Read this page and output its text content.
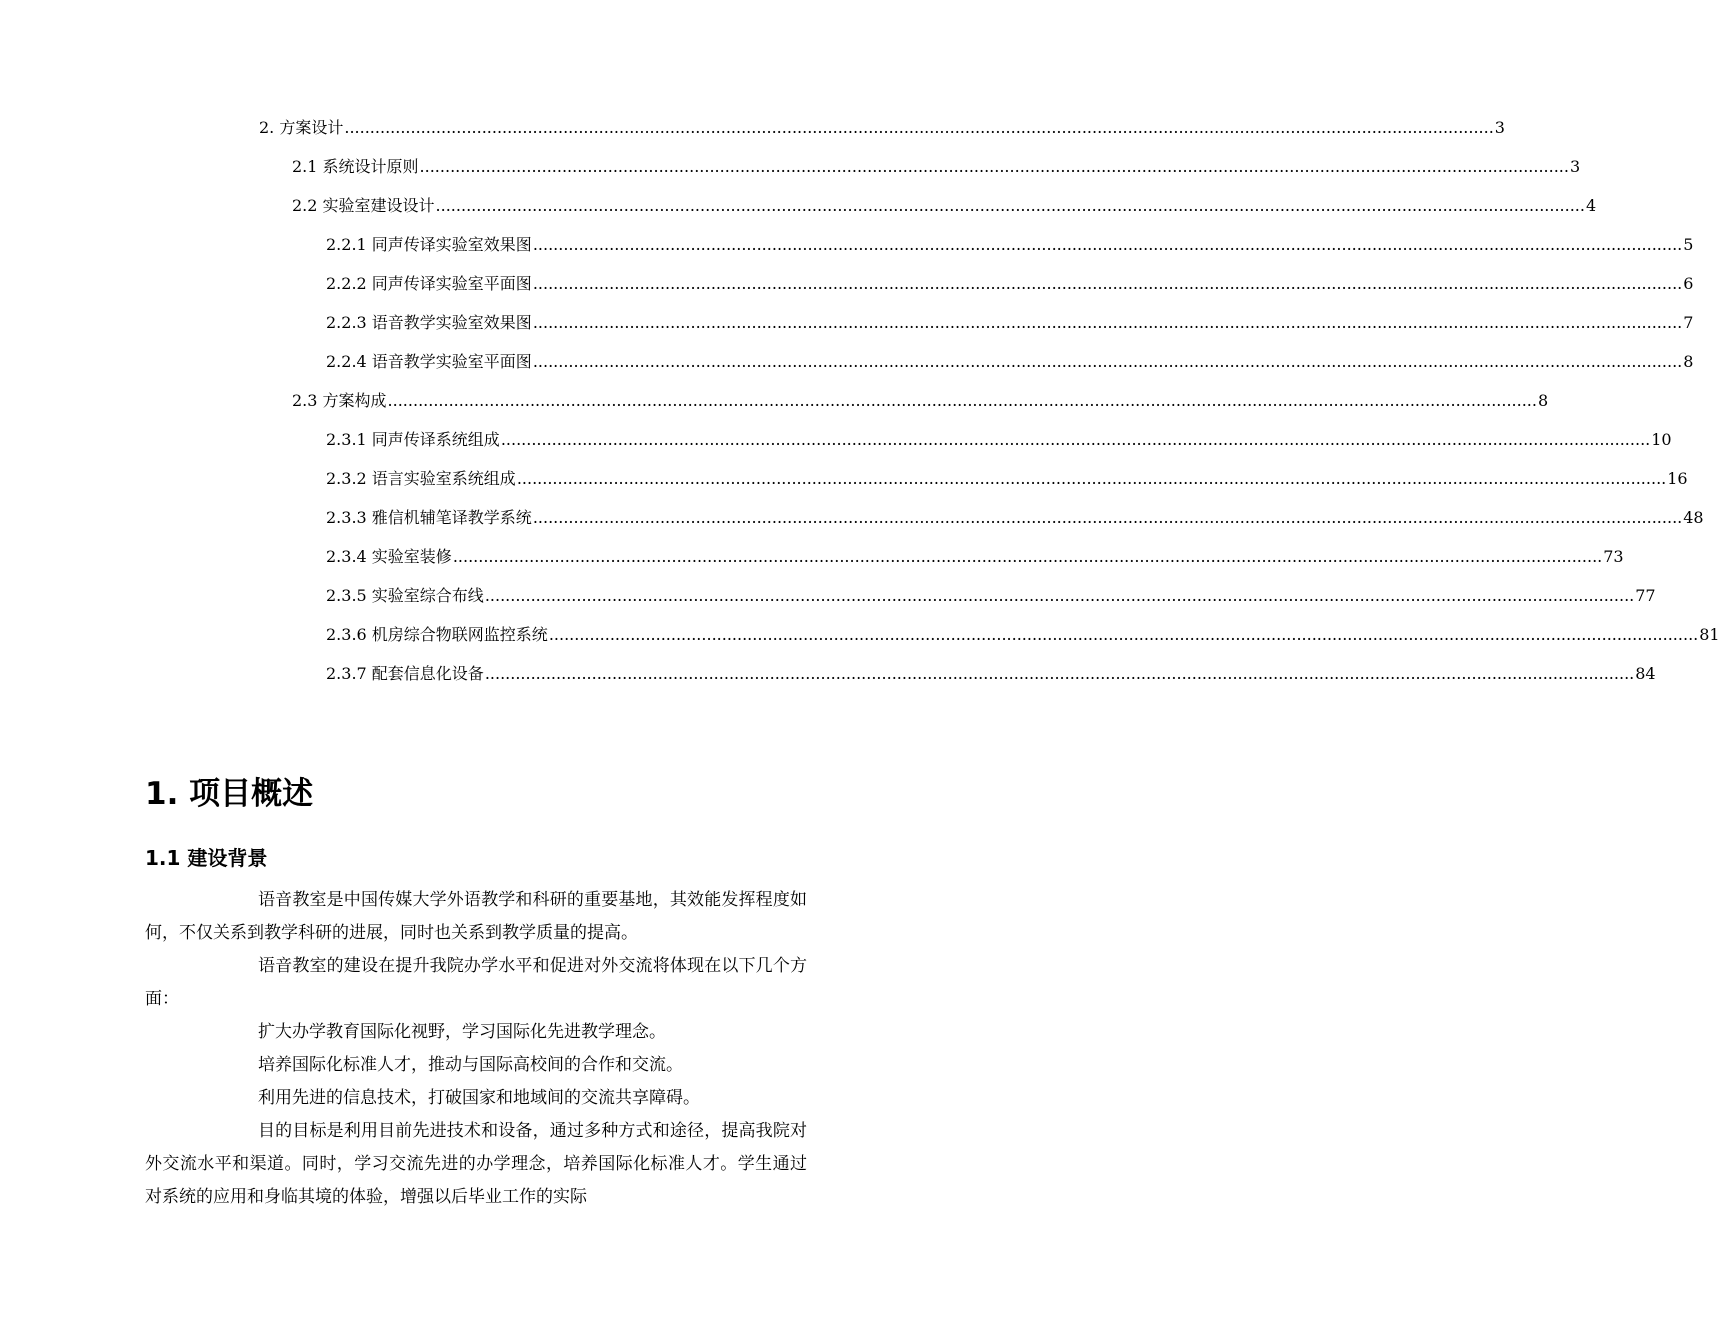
2. 方案设计 .................................................................................................................................................................................................................................. 3
2.1 系统设计原则 .................................................................................................................................................................................................................................. 3
2.2 实验室建设设计 .................................................................................................................................................................................................................................. 4
2.2.1 同声传译实验室效果图 .................................................................................................................................................................................................................................. 5
2.2.2 同声传译实验室平面图 .................................................................................................................................................................................................................................. 6
2.2.3 语音教学实验室效果图 .................................................................................................................................................................................................................................. 7
2.2.4 语音教学实验室平面图 .................................................................................................................................................................................................................................. 8
2.3 方案构成 .................................................................................................................................................................................................................................. 8
2.3.1 同声传译系统组成 .................................................................................................................................................................................................................................. 10
2.3.2 语言实验室系统组成 .................................................................................................................................................................................................................................. 16
2.3.3 雅信机辅笔译教学系统 .................................................................................................................................................................................................................................. 48
2.3.4 实验室装修 .................................................................................................................................................................................................................................. 73
2.3.5 实验室综合布线 .................................................................................................................................................................................................................................. 77
2.3.6 机房综合物联网监控系统 .................................................................................................................................................................................................................................. 81
2.3.7 配套信息化设备 .................................................................................................................................................................................................................................. 84
1. 项目概述
1.1 建设背景

语音教室是中国传媒大学外语教学和科研的重要基地，其效能发挥程度如何，不仅关系到教学科研的进展，同时也关系到教学质量的提高。

语音教室的建设在提升我院办学水平和促进对外交流将体现在以下几个方面：

扩大办学教育国际化视野，学习国际化先进教学理念。

培养国际化标准人才，推动与国际高校间的合作和交流。

利用先进的信息技术，打破国家和地域间的交流共享障碍。

目的目标是利用目前先进技术和设备，通过多种方式和途径，提高我院对外交流水平和渠道。同时，学习交流先进的办学理念，培养国际化标准人才。学生通过对系统的应用和身临其境的体验，增强以后毕业工作的实际
